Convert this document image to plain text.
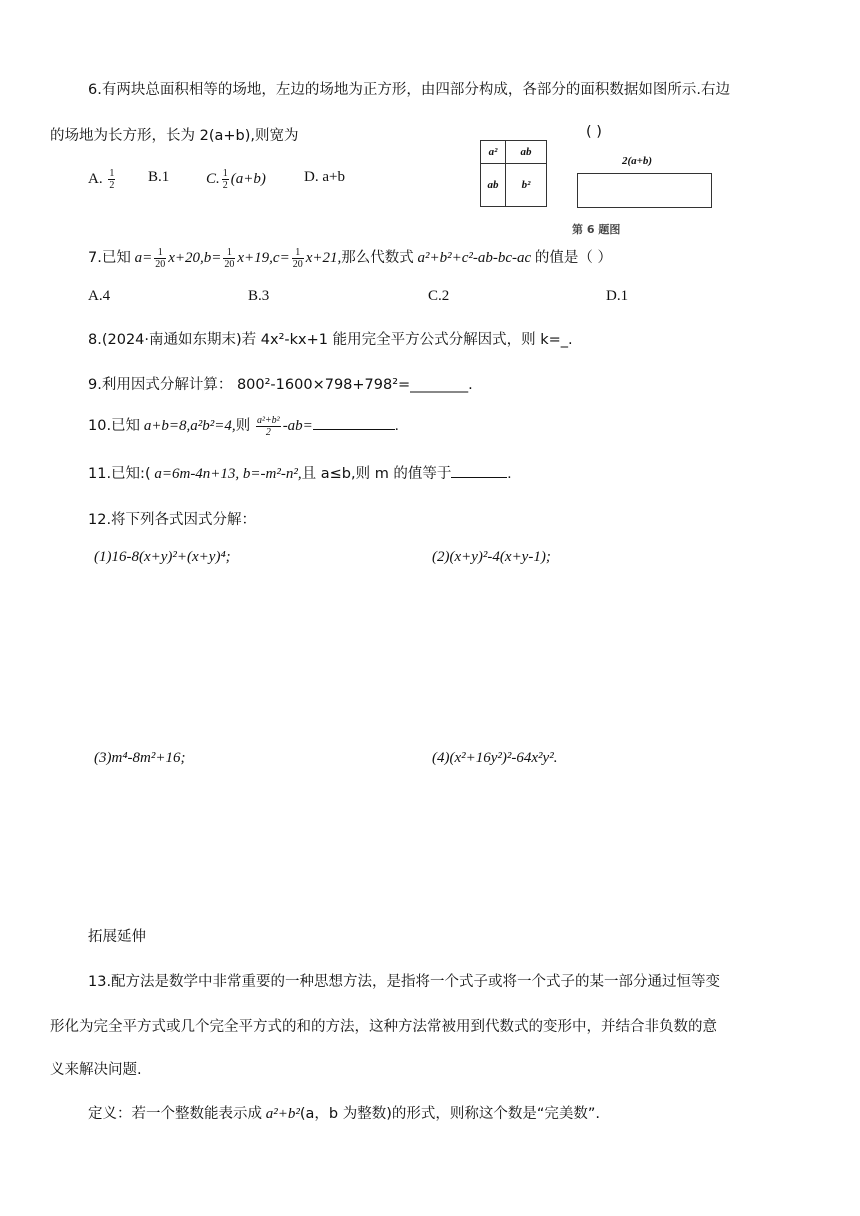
6.有两块总面积相等的场地，左边的场地为正方形，由四部分构成，各部分的面积数据如图所示.右边
的场地为长方形，长为 2(a+b),则宽为	( )
A. $\frac{1}{2} B.1$ C. $\frac{1}{2} (a+b)$	D. a+b
a²	ab
ab	b²
2(a+b)
第 6 题图
7.已知 $a= \frac{1}{20} x+20,b= \frac{1}{20} x+19,c= \frac{1}{20} x+21$,那么代数式 a²+b²+c²-ab-bc-ac 的值是（ ）
A.4	B.3	C.2	D.1
8.(2024·南通如东期末)若 4x²-kx+1 能用完全平方公式分解因式，则 k=_.
9.利用因式分解计算： 800²-1600×798+798²=________.
10.已知 a+b=8,a²b²=4,则 $\frac{\text{a²+b²}}{2} -ab=$	.
11.已知:( a=6m-4n+13, b=-m²-n²,且 a≤b,则 m 的值等于	.
12.将下列各式因式分解：
(1)16-8(x+y)²+(x+y)⁴;	(2)(x+y)²-4(x+y-1);
(3)m⁴-8m²+16;	(4)(x²+16y²)²-64x²y².
拓展延伸
13.配方法是数学中非常重要的一种思想方法，是指将一个式子或将一个式子的某一部分通过恒等变
形化为完全平方式或几个完全平方式的和的方法，这种方法常被用到代数式的变形中，并结合非负数的意
义来解决问题.
定义：若一个整数能表示成 a²+b²(a，b 为整数)的形式，则称这个数是“完美数”.
